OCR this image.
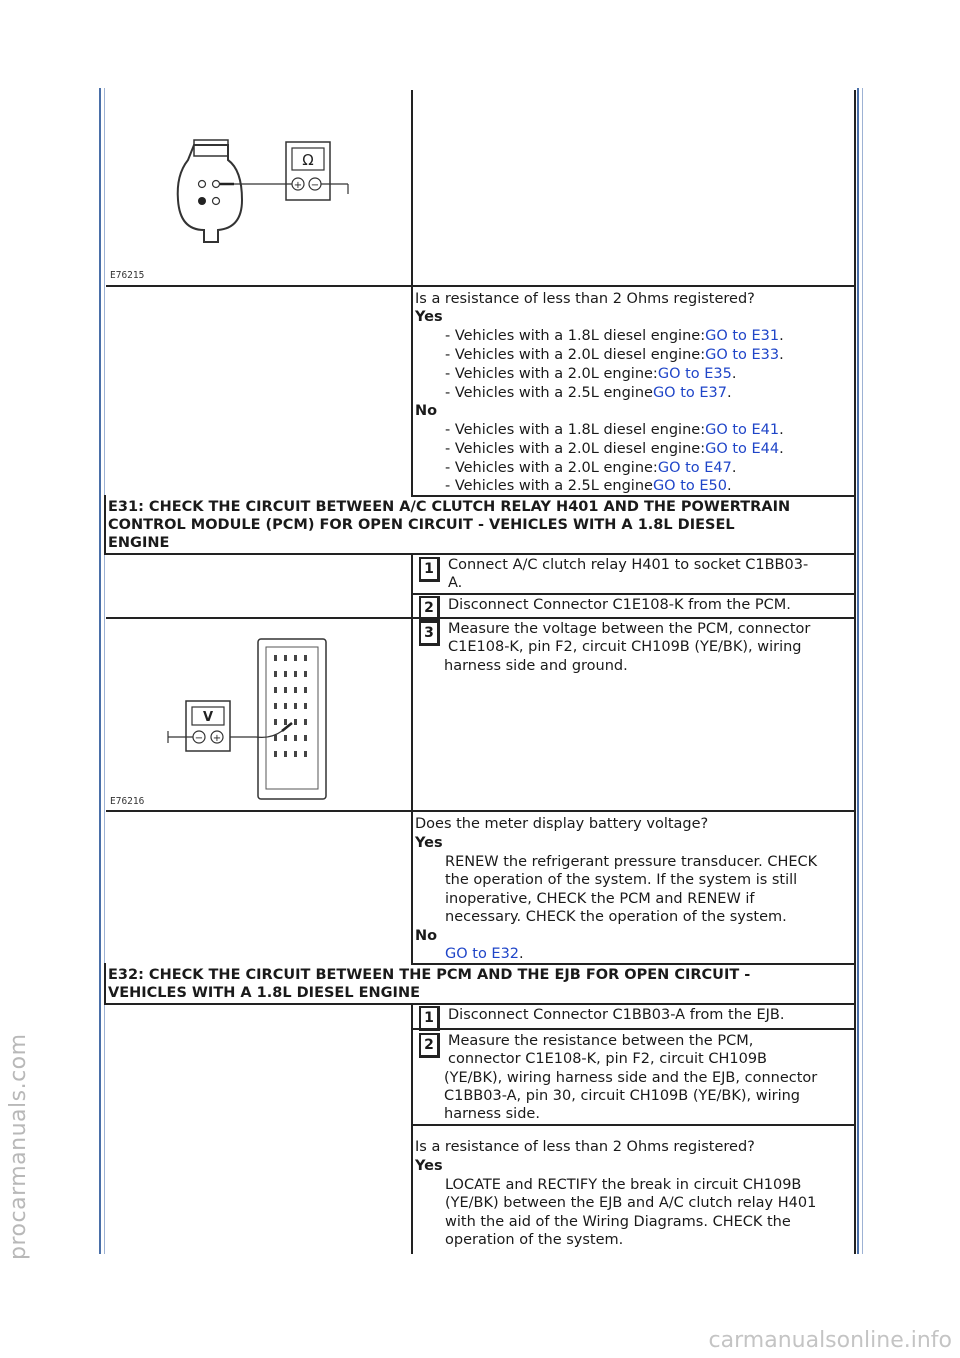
procarmanuals.com
carmanualsonline.info
Ω
+ −
E76215
Is a resistance of less than 2 Ohms registered?
Yes
- Vehicles with a 1.8L diesel engine:GO to E31.
- Vehicles with a 2.0L diesel engine:GO to E33.
- Vehicles with a 2.0L engine:GO to E35.
- Vehicles with a 2.5L engineGO to E37.
No
- Vehicles with a 1.8L diesel engine:GO to E41.
- Vehicles with a 2.0L diesel engine:GO to E44.
- Vehicles with a 2.0L engine:GO to E47.
- Vehicles with a 2.5L engineGO to E50.
E31: CHECK THE CIRCUIT BETWEEN A/C CLUTCH RELAY H401 AND THE POWERTRAIN
CONTROL MODULE (PCM) FOR OPEN CIRCUIT - VEHICLES WITH A 1.8L DIESEL
ENGINE
1 Connect A/C clutch relay H401 to socket C1BB03-
A.
2 Disconnect Connector C1E108-K from the PCM.
V
− +
E76216
3 Measure the voltage between the PCM, connector
C1E108-K, pin F2, circuit CH109B (YE/BK), wiring
harness side and ground.
Does the meter display battery voltage?
Yes
RENEW the refrigerant pressure transducer. CHECK
the operation of the system. If the system is still
inoperative, CHECK the PCM and RENEW if
necessary. CHECK the operation of the system.
No
GO to E32.
E32: CHECK THE CIRCUIT BETWEEN THE PCM AND THE EJB FOR OPEN CIRCUIT -
VEHICLES WITH A 1.8L DIESEL ENGINE
1 Disconnect Connector C1BB03-A from the EJB.
2 Measure the resistance between the PCM,
connector C1E108-K, pin F2, circuit CH109B
(YE/BK), wiring harness side and the EJB, connector
C1BB03-A, pin 30, circuit CH109B (YE/BK), wiring
harness side.
Is a resistance of less than 2 Ohms registered?
Yes
LOCATE and RECTIFY the break in circuit CH109B
(YE/BK) between the EJB and A/C clutch relay H401
with the aid of the Wiring Diagrams. CHECK the
operation of the system.
